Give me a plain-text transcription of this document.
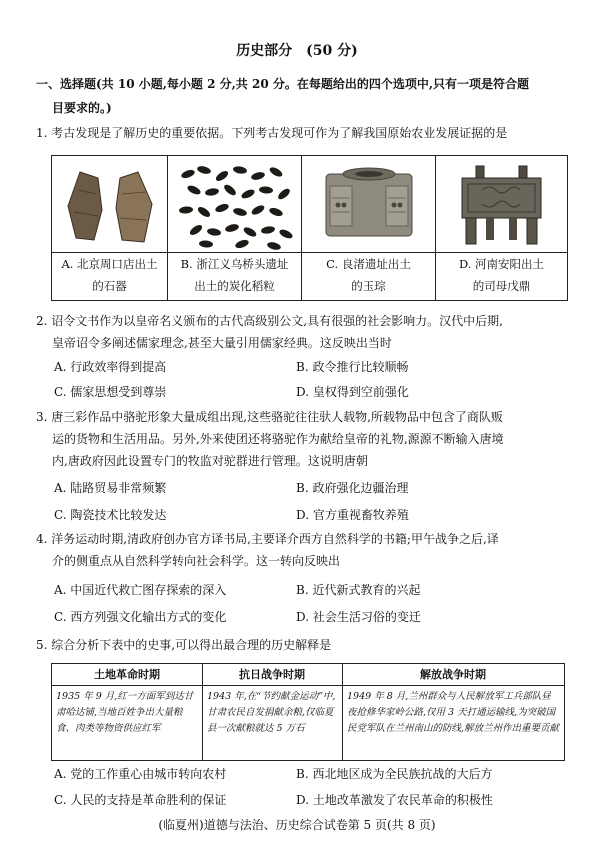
历史部分　(50 分)
一、选择题(共 10 小题,每小题 2 分,共 20 分。在每题给出的四个选项中,只有一项是符合题
目要求的。)
1. 考古发现是了解历史的重要依据。下列考古发现可作为了解我国原始农业发展证据的是
A. 北京周口店出土
的石器
B. 浙江义乌桥头遗址
出土的炭化稻粒
C. 良渚遗址出土
的玉琮
D. 河南安阳出土
的司母戊鼎
2. 诏令文书作为以皇帝名义颁布的古代高级别公文,具有很强的社会影响力。汉代中后期,
皇帝诏令多阐述儒家理念,甚至大量引用儒家经典。这反映出当时
A. 行政效率得到提高	B. 政令推行比较顺畅
C. 儒家思想受到尊崇	D. 皇权得到空前强化
3. 唐三彩作品中骆驼形象大量成组出现,这些骆驼往往驮人载物,所载物品中包含了商队贩
运的货物和生活用品。另外,外来使团还将骆驼作为献给皇帝的礼物,源源不断输入唐境
内,唐政府因此设置专门的牧监对驼群进行管理。这说明唐朝
A. 陆路贸易非常频繁	B. 政府强化边疆治理
C. 陶瓷技术比较发达	D. 官方重视畜牧养殖
4. 洋务运动时期,清政府创办官方译书局,主要译介西方自然科学的书籍;甲午战争之后,译
介的侧重点从自然科学转向社会科学。这一转向反映出
A. 中国近代救亡图存探索的深入	B. 近代新式教育的兴起
C. 西方列强文化输出方式的变化	D. 社会生活习俗的变迁
5. 综合分析下表中的史事,可以得出最合理的历史解释是
土地革命时期	抗日战争时期	解放战争时期
1935 年 9 月,红一方面军到达甘肃哈达铺,当地百姓争出大量粮食、肉类等物资供应红军
1943 年,在“节约献金运动”中,甘肃农民自发捐献余粮,仅临夏县一次献粮就达 5 万石
1949 年 8 月,兰州群众与人民解放军工兵部队昼夜抢修华家岭公路,仅用 3 天打通运输线,为突破国民党军队在兰州南山的防线,解放兰州作出重要贡献
A. 党的工作重心由城市转向农村	B. 西北地区成为全民族抗战的大后方
C. 人民的支持是革命胜利的保证	D. 土地改革激发了农民革命的积极性
(临夏州)道德与法治、历史综合试卷第 5 页(共 8 页)
